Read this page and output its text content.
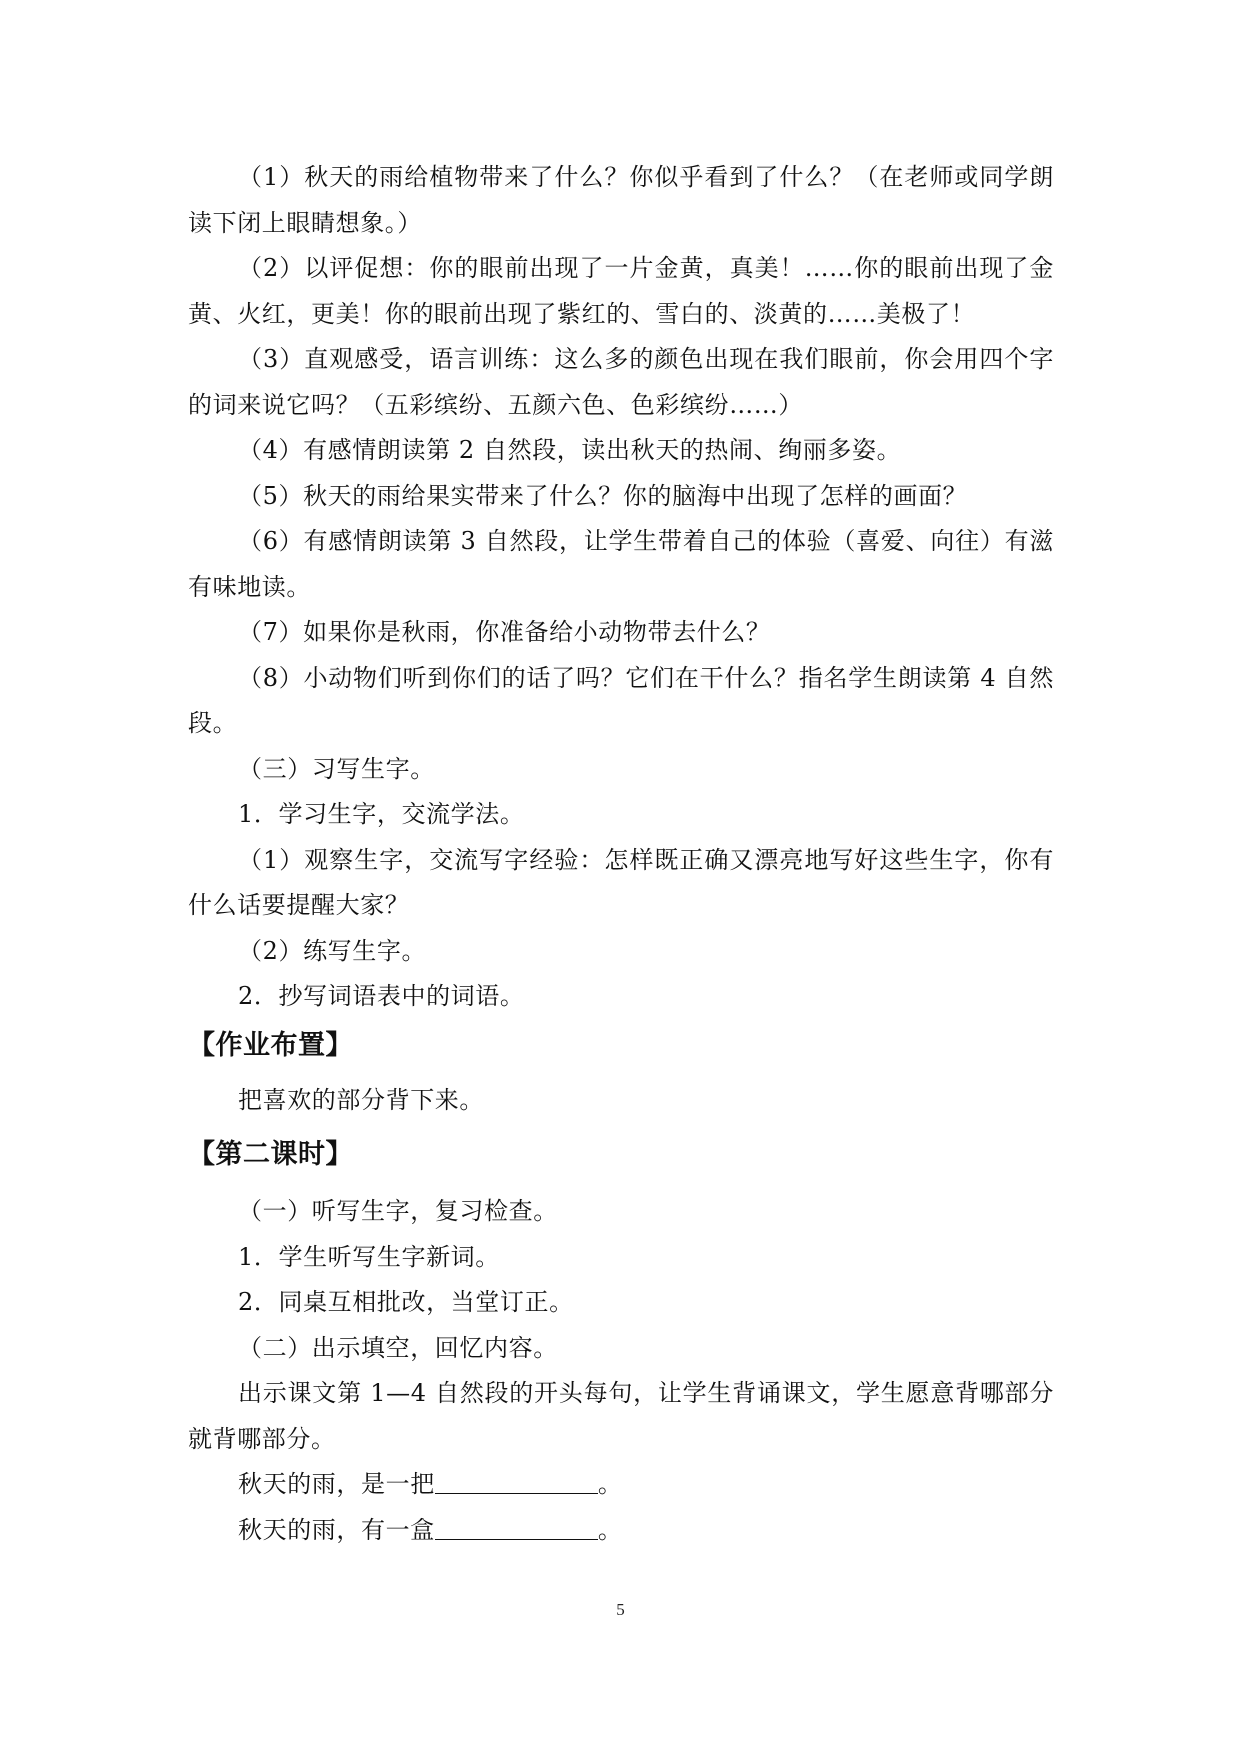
（1）秋天的雨给植物带来了什么？你似乎看到了什么？（在老师或同学朗读下闭上眼睛想象。）

（2）以评促想：你的眼前出现了一片金黄，真美！……你的眼前出现了金黄、火红，更美！你的眼前出现了紫红的、雪白的、淡黄的……美极了！

（3）直观感受，语言训练：这么多的颜色出现在我们眼前，你会用四个字的词来说它吗？（五彩缤纷、五颜六色、色彩缤纷……）

（4）有感情朗读第 2 自然段，读出秋天的热闹、绚丽多姿。

（5）秋天的雨给果实带来了什么？你的脑海中出现了怎样的画面？

（6）有感情朗读第 3 自然段，让学生带着自己的体验（喜爱、向往）有滋有味地读。

（7）如果你是秋雨，你准备给小动物带去什么？

（8）小动物们听到你们的话了吗？它们在干什么？指名学生朗读第 4 自然段。

（三）习写生字。

1．学习生字，交流学法。

（1）观察生字，交流写字经验：怎样既正确又漂亮地写好这些生字，你有什么话要提醒大家？

（2）练写生字。

2．抄写词语表中的词语。

【作业布置】

把喜欢的部分背下来。

【第二课时】

（一）听写生字，复习检查。

1．学生听写生字新词。

2．同桌互相批改，当堂订正。

（二）出示填空，回忆内容。

出示课文第 1—4 自然段的开头每句，让学生背诵课文，学生愿意背哪部分就背哪部分。

秋天的雨，是一把	。

秋天的雨，有一盒	。

5
